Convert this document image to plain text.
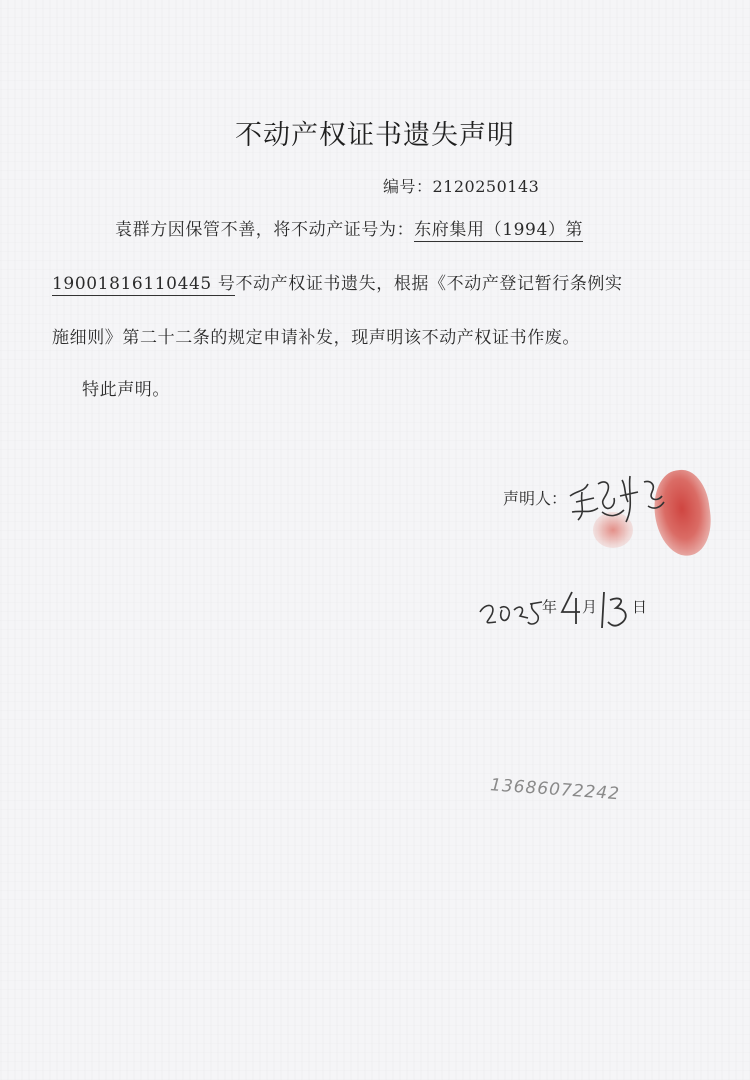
不动产权证书遗失声明
编号：2120250143
袁群方因保管不善，将不动产证号为：东府集用（1994）第
19001816110445 号不动产权证书遗失，根据《不动产登记暂行条例实
施细则》第二十二条的规定申请补发，现声明该不动产权证书作废。
特此声明。
声明人：
年 月 日
13686072242
